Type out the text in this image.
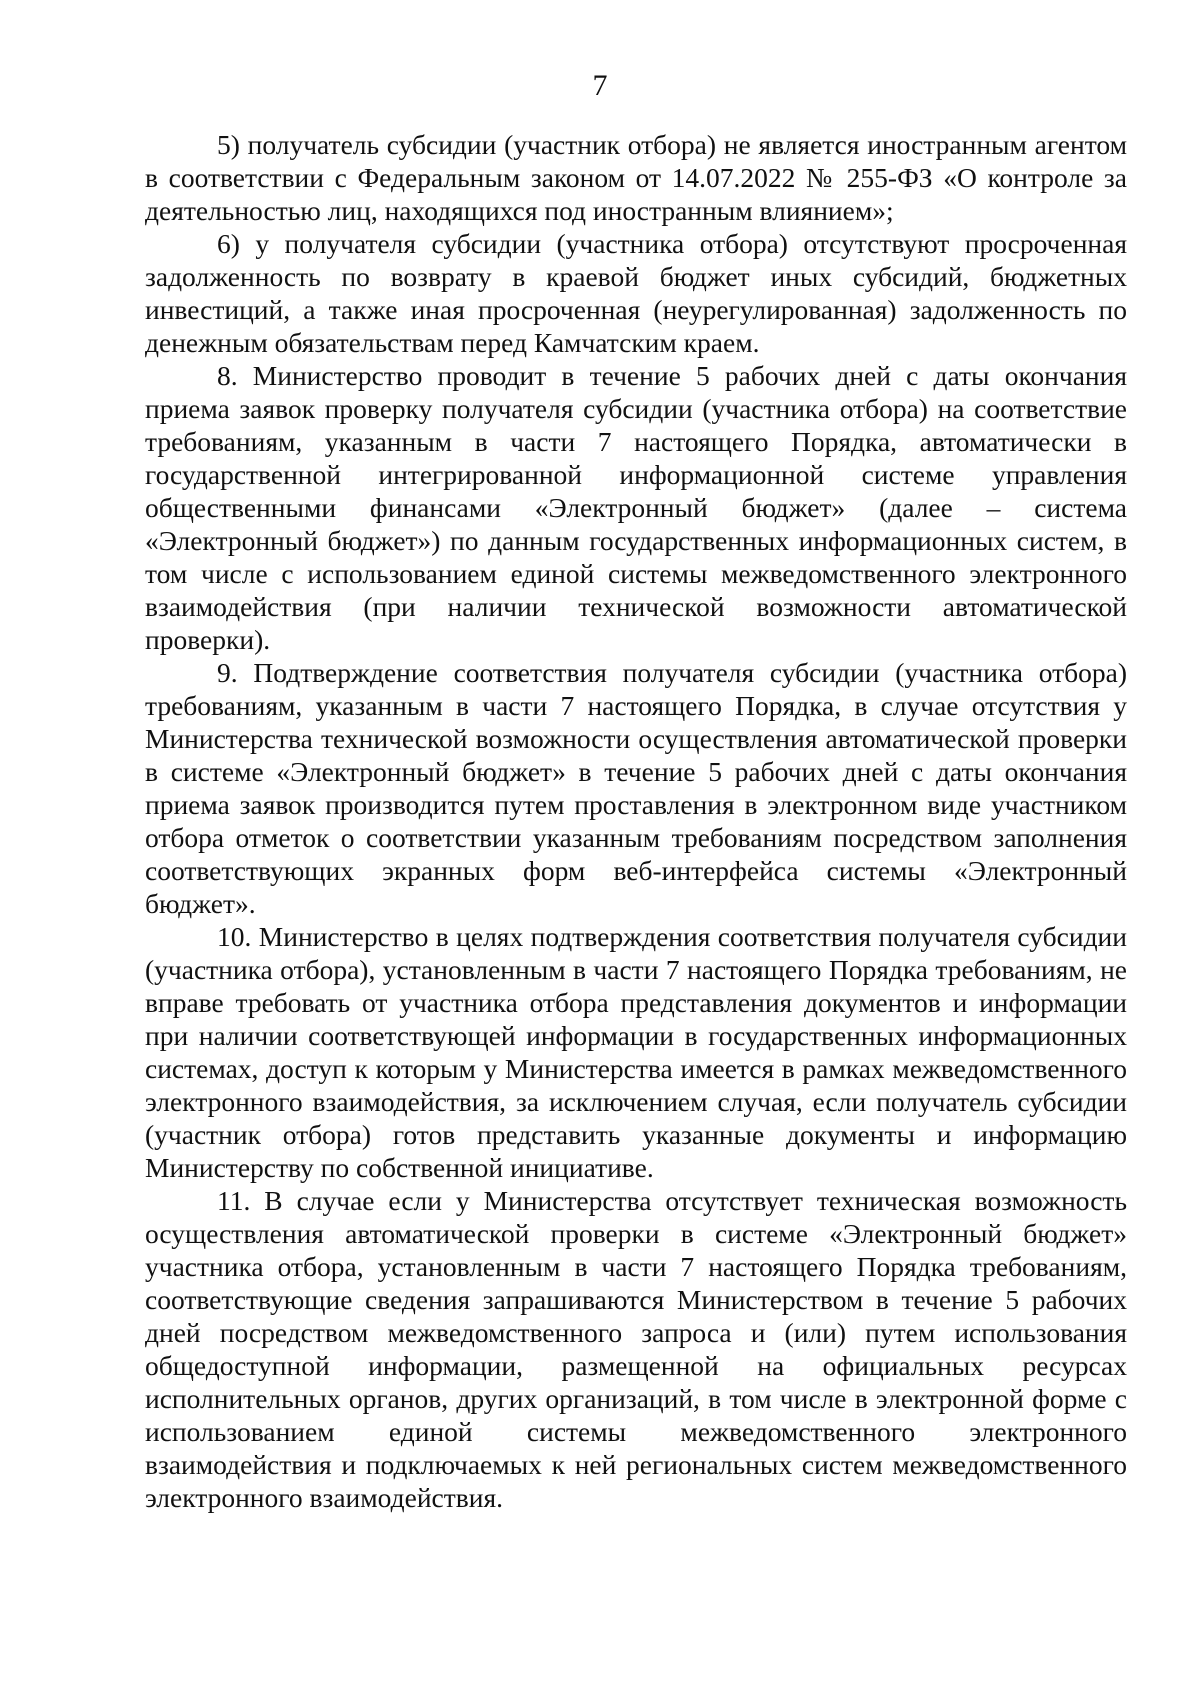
7

5) получатель субсидии (участник отбора) не является иностранным агентом в соответствии с Федеральным законом от 14.07.2022 № 255-ФЗ «О контроле за деятельностью лиц, находящихся под иностранным влиянием»;

6) у получателя субсидии (участника отбора) отсутствуют просроченная задолженность по возврату в краевой бюджет иных субсидий, бюджетных инвестиций, а также иная просроченная (неурегулированная) задолженность по денежным обязательствам перед Камчатским краем.

8. Министерство проводит в течение 5 рабочих дней с даты окончания приема заявок проверку получателя субсидии (участника отбора) на соответствие требованиям, указанным в части 7 настоящего Порядка, автоматически в государственной интегрированной информационной системе управления общественными финансами «Электронный бюджет» (далее – система «Электронный бюджет») по данным государственных информационных систем, в том числе с использованием единой системы межведомственного электронного взаимодействия (при наличии технической возможности автоматической проверки).

9. Подтверждение соответствия получателя субсидии (участника отбора) требованиям, указанным в части 7 настоящего Порядка, в случае отсутствия у Министерства технической возможности осуществления автоматической проверки в системе «Электронный бюджет» в течение 5 рабочих дней с даты окончания приема заявок производится путем проставления в электронном виде участником отбора отметок о соответствии указанным требованиям посредством заполнения соответствующих экранных форм веб-интерфейса системы «Электронный бюджет».

10. Министерство в целях подтверждения соответствия получателя субсидии (участника отбора), установленным в части 7 настоящего Порядка требованиям, не вправе требовать от участника отбора представления документов и информации при наличии соответствующей информации в государственных информационных системах, доступ к которым у Министерства имеется в рамках межведомственного электронного взаимодействия, за исключением случая, если получатель субсидии (участник отбора) готов представить указанные документы и информацию Министерству по собственной инициативе.

11. В случае если у Министерства отсутствует техническая возможность осуществления автоматической проверки в системе «Электронный бюджет» участника отбора, установленным в части 7 настоящего Порядка требованиям, соответствующие сведения запрашиваются Министерством в течение 5 рабочих дней посредством межведомственного запроса и (или) путем использования общедоступной информации, размещенной на официальных ресурсах исполнительных органов, других организаций, в том числе в электронной форме с использованием единой системы межведомственного электронного взаимодействия и подключаемых к ней региональных систем межведомственного электронного взаимодействия.
